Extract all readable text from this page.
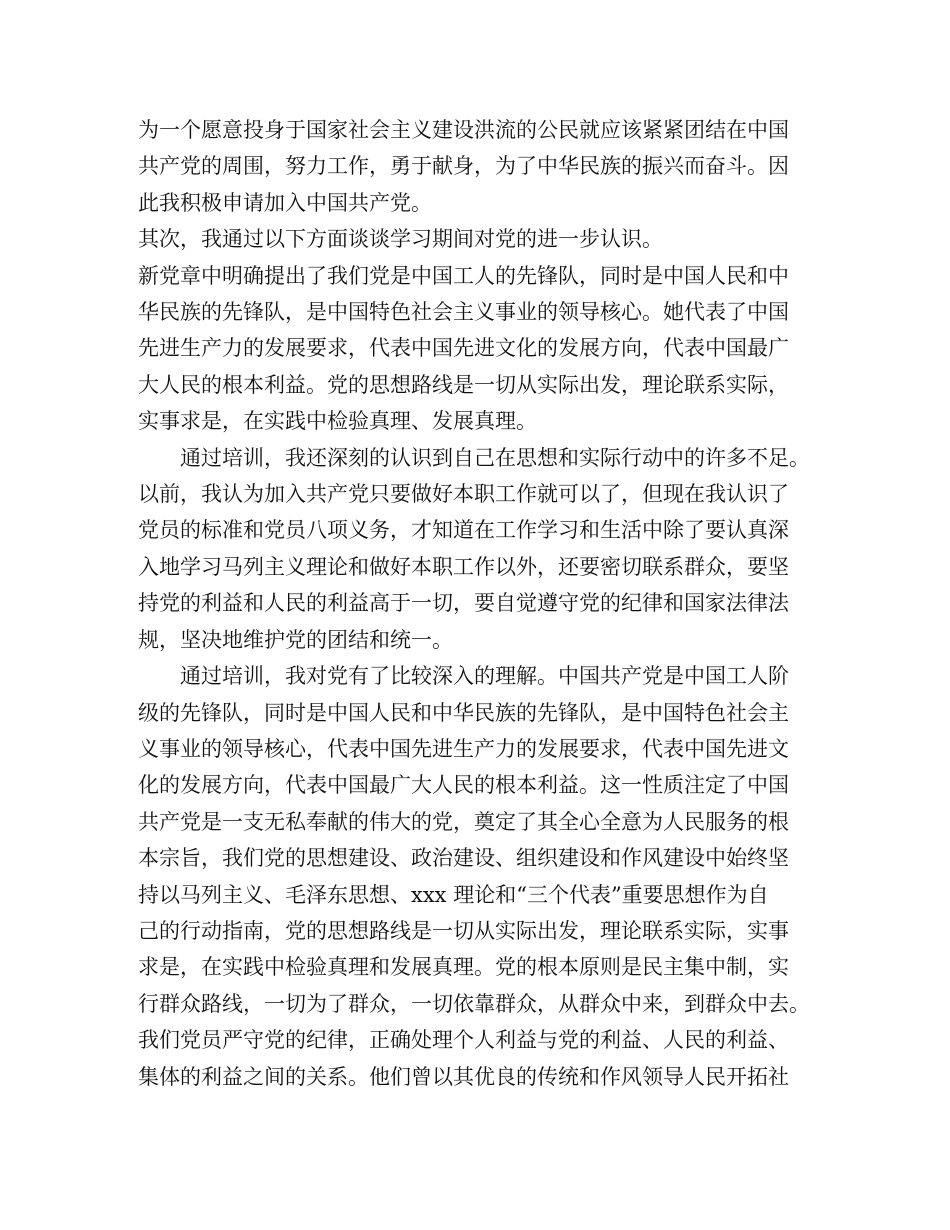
为一个愿意投身于国家社会主义建设洪流的公民就应该紧紧团结在中国
共产党的周围，努力工作，勇于献身，为了中华民族的振兴而奋斗。因
此我积极申请加入中国共产党。
其次，我通过以下方面谈谈学习期间对党的进一步认识。
新党章中明确提出了我们党是中国工人的先锋队，同时是中国人民和中
华民族的先锋队，是中国特色社会主义事业的领导核心。她代表了中国
先进生产力的发展要求，代表中国先进文化的发展方向，代表中国最广
大人民的根本利益。党的思想路线是一切从实际出发，理论联系实际，
实事求是，在实践中检验真理、发展真理。
通过培训，我还深刻的认识到自己在思想和实际行动中的许多不足。
以前，我认为加入共产党只要做好本职工作就可以了，但现在我认识了
党员的标准和党员八项义务，才知道在工作学习和生活中除了要认真深
入地学习马列主义理论和做好本职工作以外，还要密切联系群众，要坚
持党的利益和人民的利益高于一切，要自觉遵守党的纪律和国家法律法
规，坚决地维护党的团结和统一。
通过培训，我对党有了比较深入的理解。中国共产党是中国工人阶
级的先锋队，同时是中国人民和中华民族的先锋队，是中国特色社会主
义事业的领导核心，代表中国先进生产力的发展要求，代表中国先进文
化的发展方向，代表中国最广大人民的根本利益。这一性质注定了中国
共产党是一支无私奉献的伟大的党，奠定了其全心全意为人民服务的根
本宗旨，我们党的思想建设、政治建设、组织建设和作风建设中始终坚
持以马列主义、毛泽东思想、xxx 理论和“三个代表”重要思想作为自
己的行动指南，党的思想路线是一切从实际出发，理论联系实际，实事
求是，在实践中检验真理和发展真理。党的根本原则是民主集中制，实
行群众路线，一切为了群众，一切依靠群众，从群众中来，到群众中去。
我们党员严守党的纪律，正确处理个人利益与党的利益、人民的利益、
集体的利益之间的关系。他们曾以其优良的传统和作风领导人民开拓社
